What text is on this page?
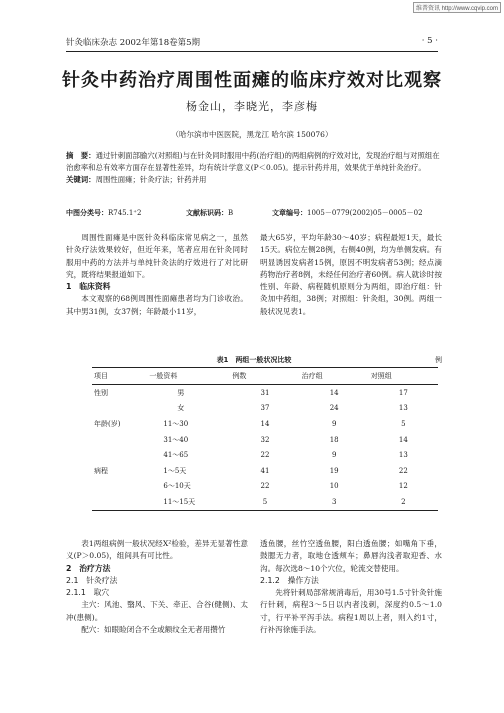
维普资讯 http://www.cqvip.com
针灸临床杂志 2002年第18卷第5期	· 5 ·
针灸中药治疗周围性面瘫的临床疗效对比观察
杨金山，李晓光，李彦梅
（哈尔滨市中医医院，黑龙江 哈尔滨 150076）

摘　要：通过针刺面部腧穴(对照组)与在针灸同时服用中药(治疗组)的两组病例的疗效对比，发现治疗组与对照组在治愈率和总有效率方面存在显著性差异，均有统计学意义(P＜0.05)。提示针药并用，效果优于单纯针灸治疗。

关键词：周围性面瘫；针灸疗法；针药并用

中图分类号：R745.1⁺2	文献标识码：B	文章编号：1005－0779(2002)05－0005－02

周围性面瘫是中医针灸科临床常见病之一，虽然针灸疗法效果较好，但近年来，笔者应用在针灸同时服用中药的方法并与单纯针灸法的疗效进行了对比研究，既将结果报道如下。

1　临床资料

本文观察的68例周围性面瘫患者均为门诊收治。其中男31例，女37例；年龄最小11岁，

最大65岁，平均年龄30～40岁；病程最短1天，最长15天。病位左侧28例，右侧40例，均为单侧发病。有明显诱因发病者15例，原因不明发病者53例；经点滴药物治疗者8例，未经任何治疗者60例。病人就诊时按性别、年龄、病程随机原则分为两组，即治疗组：针灸加中药组，38例；对照组：针灸组，30例。两组一般状况见表1。

表1　两组一般状况比较	例
项目	一般资料	例数	治疗组	对照组
性别	男	31	14	17
	女	37	24	13
年龄(岁)	11～30	14	9	5
	31～40	32	18	14
	41～65	22	9	13
病程	1～5天	41	19	22
	6～10天	22	10	12
	11～15天	5	3	2

表1两组病例一般状况经X²检验，差异无显著性意义(P＞0.05)，组间具有可比性。

2　治疗方法
2.1　针灸疗法
2.1.1　取穴

主穴：风池、翳风、下关、牵正、合谷(健侧)、太冲(患侧)。

配穴：如眼睑闭合不全或额纹全无者用攒竹

透鱼腰，丝竹空透鱼腰，阳白透鱼腰；如嘴角下垂，鼓腮无力者，取地仓透颊车；鼻唇沟浅者取迎香、水沟。每次选8～10个穴位，轮流交替使用。

2.1.2　操作方法

先将针刺局部常规消毒后，用30号1.5寸针灸针施行针刺，病程3～5日以内者浅刺，深度约0.5～1.0寸，行平补平泻手法。病程1周以上者，则入约1寸，行补泻徐施手法。
